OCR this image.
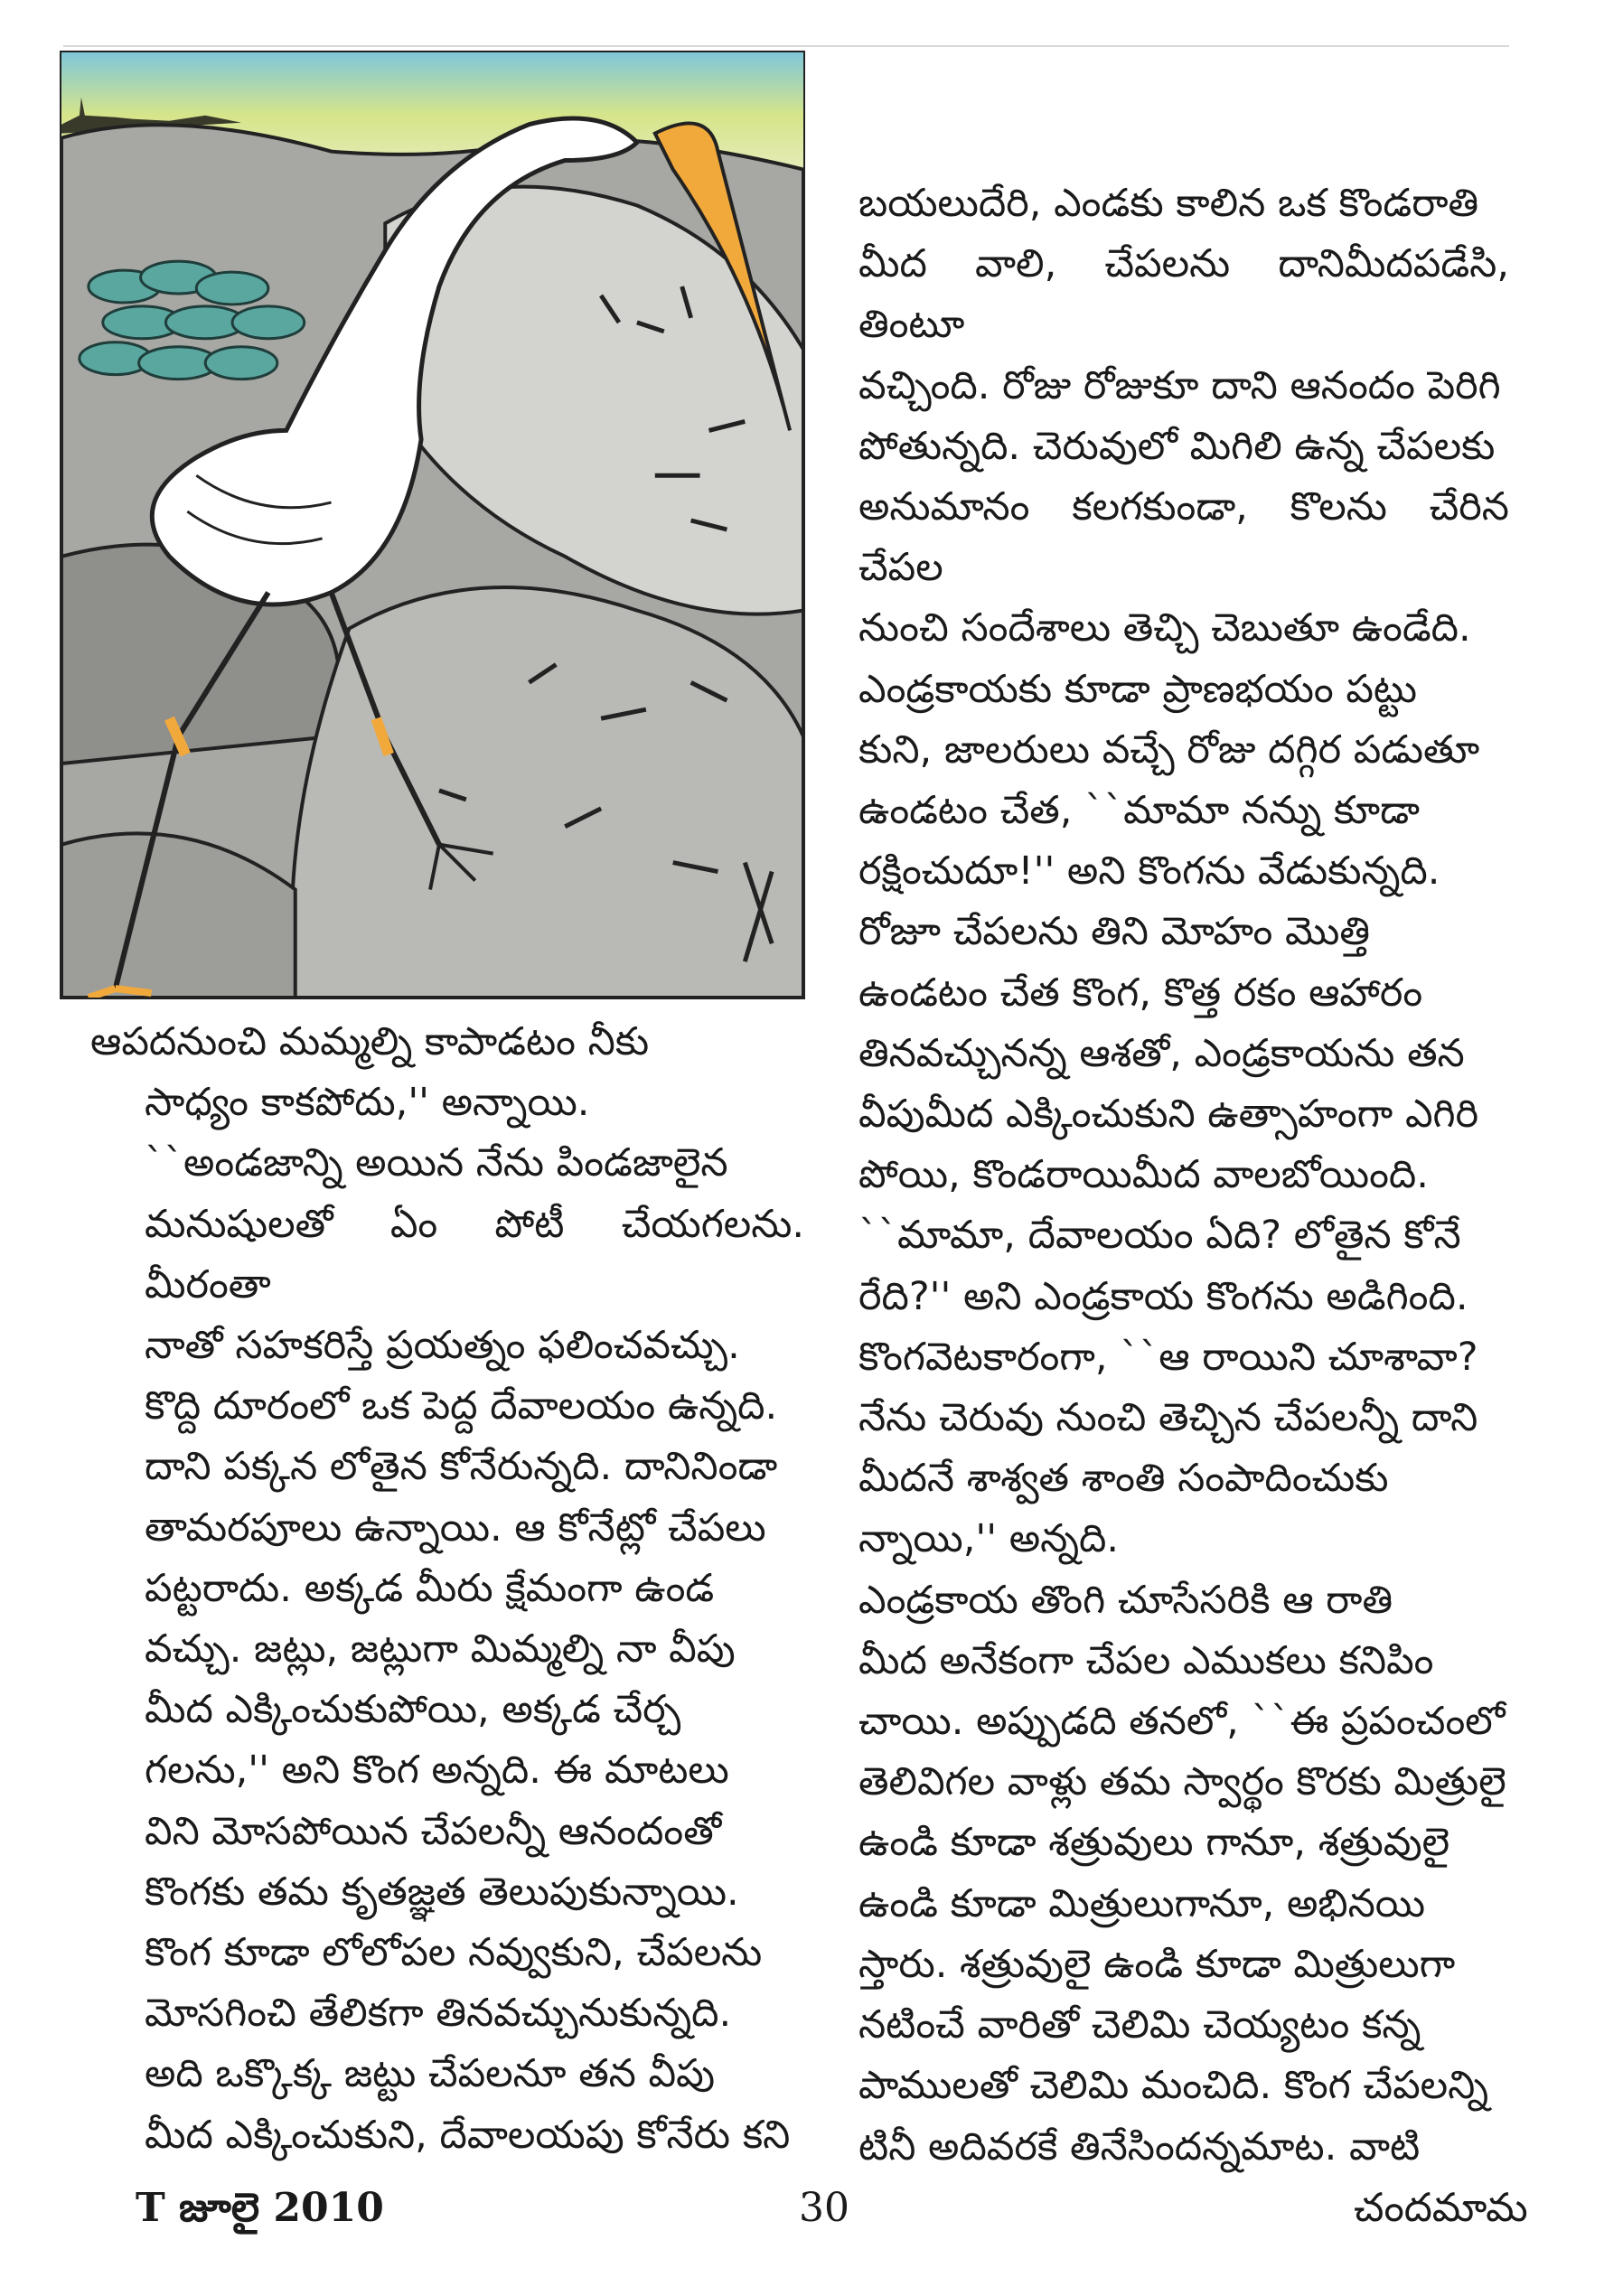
ఆపదనుంచి మమ్మల్ని కాపాడటం నీకు
సాధ్యం కాకపోదు,'' అన్నాయి.

``అండజాన్ని అయిన నేను పిండజాలైన
మనుషులతో ఏం పోటీ చేయగలను. మీరంతా
నాతో సహకరిస్తే ప్రయత్నం ఫలించవచ్చు.
కొద్ది దూరంలో ఒక పెద్ద దేవాలయం ఉన్నది.
దాని పక్కన లోతైన కోనేరున్నది. దానినిండా
తామరపూలు ఉన్నాయి. ఆ కోనేట్లో చేపలు
పట్టరాదు. అక్కడ మీరు క్షేమంగా ఉండ
వచ్చు. జట్లు, జట్లుగా మిమ్మల్ని నా వీపు
మీద ఎక్కించుకుపోయి, అక్కడ చేర్చ
గలను,'' అని కొంగ అన్నది. ఈ మాటలు
విని మోసపోయిన చేపలన్నీ ఆనందంతో
కొంగకు తమ కృతజ్ఞత తెలుపుకున్నాయి.
కొంగ కూడా లోలోపల నవ్వుకుని, చేపలను
మోసగించి తేలికగా తినవచ్చునుకున్నది.

అది ఒక్కొక్క జట్టు చేపలనూ తన వీపు
మీద ఎక్కించుకుని, దేవాలయపు కోనేరు కని

బయలుదేరి, ఎండకు కాలిన ఒక కొండరాతి
మీద వాలి, చేపలను దానిమీదపడేసి, తింటూ
వచ్చింది. రోజు రోజుకూ దాని ఆనందం పెరిగి
పోతున్నది. చెరువులో మిగిలి ఉన్న చేపలకు
అనుమానం కలగకుండా, కొలను చేరిన చేపల
నుంచి సందేశాలు తెచ్చి చెబుతూ ఉండేది.
ఎండ్రకాయకు కూడా ప్రాణభయం పట్టు
కుని, జాలరులు వచ్చే రోజు దగ్గిర పడుతూ
ఉండటం చేత, ``మామా నన్ను కూడా
రక్షించుదూ!'' అని కొంగను వేడుకున్నది.

రోజూ చేపలను తిని మోహం మొత్తి
ఉండటం చేత కొంగ, కొత్త రకం ఆహారం
తినవచ్చునన్న ఆశతో, ఎండ్రకాయను తన
వీపుమీద ఎక్కించుకుని ఉత్సాహంగా ఎగిరి
పోయి, కొండరాయిమీద వాలబోయింది.

``మామా, దేవాలయం ఏది? లోతైన కోనే
రేది?'' అని ఎండ్రకాయ కొంగను అడిగింది.

కొంగవెటకారంగా, ``ఆ రాయిని చూశావా?
నేను చెరువు నుంచి తెచ్చిన చేపలన్నీ దాని
మీదనే శాశ్వత శాంతి సంపాదించుకు
న్నాయి,'' అన్నది.

ఎండ్రకాయ తొంగి చూసేసరికి ఆ రాతి
మీద అనేకంగా చేపల ఎముకలు కనిపిం
చాయి. అప్పుడది తనలో, ``ఈ ప్రపంచంలో
తెలివిగల వాళ్లు తమ స్వార్థం కొరకు మిత్రులై
ఉండి కూడా శత్రువులు గానూ, శత్రువులై
ఉండి కూడా మిత్రులుగానూ, అభినయి
స్తారు. శత్రువులై ఉండి కూడా మిత్రులుగా
నటించే వారితో చెలిమి చెయ్యటం కన్న
పాములతో చెలిమి మంచిది. కొంగ చేపలన్ని
టినీ అదివరకే తినేసిందన్నమాట. వాటి

T జూలై 2010	30	చందమామ
